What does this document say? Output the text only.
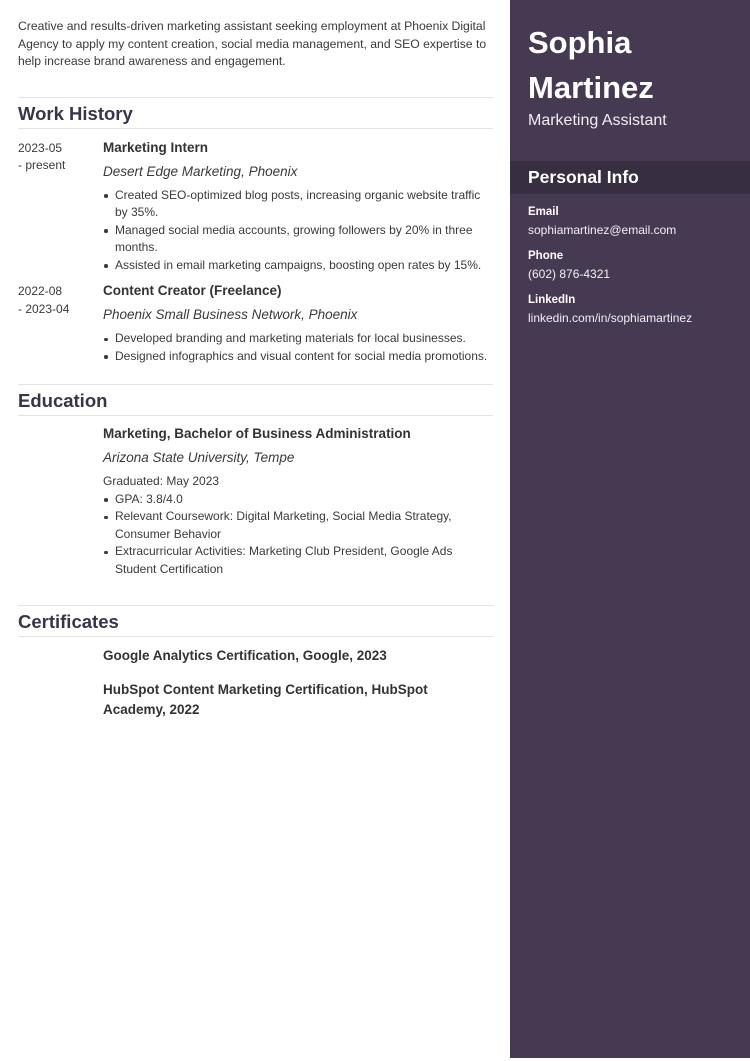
Creative and results-driven marketing assistant seeking employment at Phoenix Digital Agency to apply my content creation, social media management, and SEO expertise to help increase brand awareness and engagement.

Work History
2023-05
- present
Marketing Intern
Desert Edge Marketing, Phoenix
Created SEO-optimized blog posts, increasing organic website traffic by 35%.
Managed social media accounts, growing followers by 20% in three months.
Assisted in email marketing campaigns, boosting open rates by 15%.
2022-08
- 2023-04
Content Creator (Freelance)
Phoenix Small Business Network, Phoenix
Developed branding and marketing materials for local businesses.
Designed infographics and visual content for social media promotions.
Education
Marketing, Bachelor of Business Administration
Arizona State University, Tempe
Graduated: May 2023
GPA: 3.8/4.0
Relevant Coursework: Digital Marketing, Social Media Strategy, Consumer Behavior
Extracurricular Activities: Marketing Club President, Google Ads Student Certification
Certificates
Google Analytics Certification, Google, 2023
HubSpot Content Marketing Certification, HubSpot Academy, 2022
Sophia
Martinez
Marketing Assistant
Personal Info
Email
sophiamartinez@email.com
Phone
(602) 876-4321
LinkedIn
linkedin.com/in/sophiamartinez
